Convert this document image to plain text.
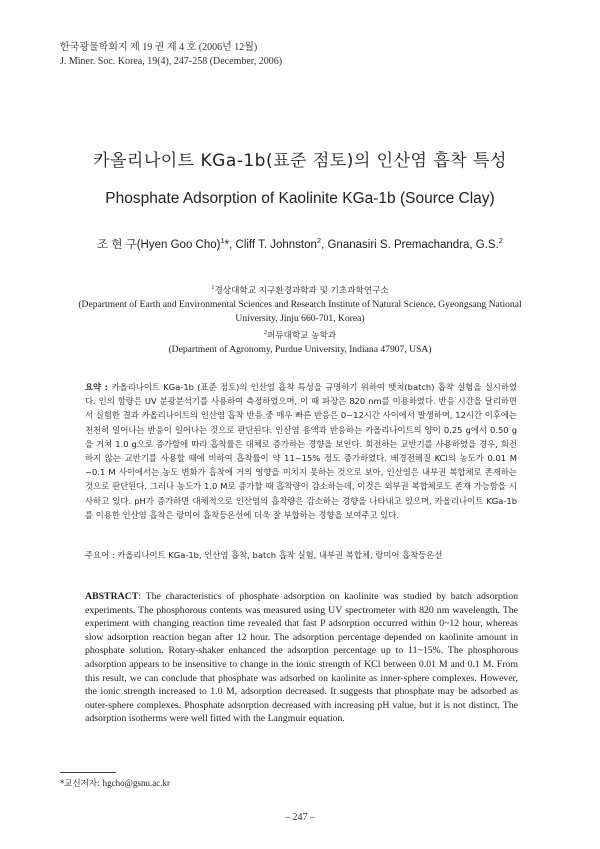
한국광물학회지 제 19 권 제 4 호 (2006년 12월)
J. Miner. Soc. Korea, 19(4), 247-258 (December, 2006)
카올리나이트 KGa-1b(표준 점토)의 인산염 흡착 특성
Phosphate Adsorption of Kaolinite KGa-1b (Source Clay)
조 현 구(Hyen Goo Cho)$^1$*, Cliff T. Johnston$^2$, Gnanasiri S. Premachandra, G.S.$^2$
$^1$경상대학교 지구환경과학과 및 기초과학연구소
(Department of Earth and Environmental Sciences and Research Institute of Natural Science, Gyeongsang National
University, Jinju 660-701, Korea)
$^2$퍼듀대학교 농학과
(Department of Agronomy, Purdue University, Indiana 47907, USA)
요약 : 카올리나이트 KGa-1b (표준 점토)의 인산염 흡착 특성을 규명하기 위하여 뱃치(batch) 흡착 실험을 실시하였다. 인의 함량은 UV 분광분석기를 사용하여 측정하였으며, 이 때 파장은 820 nm를 이용하였다. 반응 시간을 달리하면서 실험한 결과 카올리나이트의 인산염 흡착 반응 중 매우 빠른 반응은 0~12시간 사이에서 발생하며, 12시간 이후에는 천천히 일어나는 반응이 일어나는 것으로 판단된다. 인산염 용액과 반응하는 카올리나이트의 양이 0.25 g에서 0.50 g을 거쳐 1.0 g으로 증가함에 따라 흡착률은 대체로 증가하는 경향을 보인다. 회전하는 교반기를 사용하였을 경우, 회전하지 않는 교반기를 사용할 때에 비하여 흡착률이 약 11~15% 정도 증가하였다. 배경전해질 KCl의 농도가 0.01 M ~0.1 M 사이에서는 농도 변화가 흡착에 거의 영향을 미치지 못하는 것으로 보아, 인산염은 내부권 복합체로 존재하는 것으로 판단된다. 그러나 농도가 1.0 M로 증가할 때 흡착량이 감소하는데, 이것은 외부권 복합체로도 존재 가능함을 시사하고 있다. pH가 증가하면 대체적으로 인산염의 흡착량은 감소하는 경향을 나타내고 있으며, 카올리나이트 KGa-1b를 이용한 인산염 흡착은 랑미어 흡착등온선에 더욱 잘 부합하는 경향을 보여주고 있다.
주요어 : 카올리나이트 KGa-1b, 인산염 흡착, batch 흡착 실험, 내부권 복합체, 랑미어 흡착등온선
ABSTRACT: The characteristics of phosphate adsorption on kaolinite was studied by batch adsorption experiments. The phosphorous contents was measured using UV spectrometer with 820 nm wavelength. The experiment with changing reaction time revealed that fast P adsorption occurred within 0~12 hour, whereas slow adsorption reaction began after 12 hour. The adsorption percentage depended on kaolinite amount in phosphate solution. Rotary-shaker enhanced the adsorption percentage up to 11~15%. The phosphorous adsorption appears to be insensitive to change in the ionic strength of KCl between 0.01 M and 0.1 M. From this result, we can conclude that phosphate was adsorbed on kaolinite as inner-sphere complexes. However, the ionic strength increased to 1.0 M, adsorption decreased. It suggests that phosphate may be adsorbed as outer-sphere complexes. Phosphate adsorption decreased with increasing pH value, but it is not distinct. The adsorption isotherms were well fitted with the Langmuir equation.
*교신저자: hgcho@gsnu.ac.kr
– 247 –
